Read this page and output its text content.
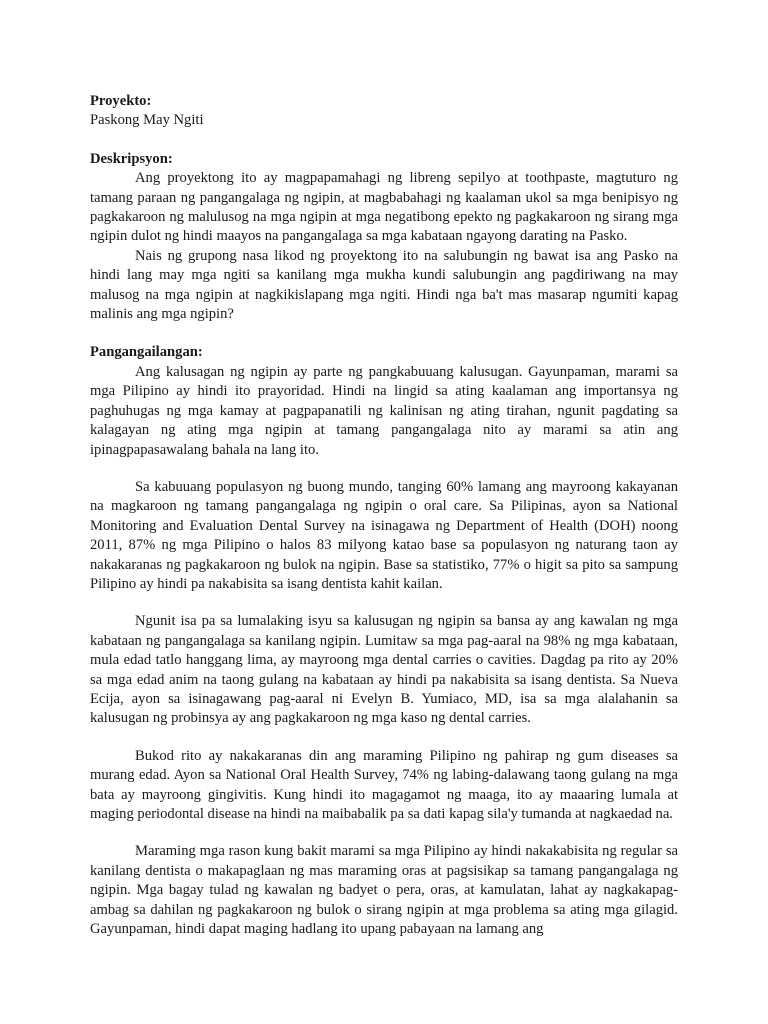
Proyekto:
Paskong May Ngiti
Deskripsyon:

Ang proyektong ito ay magpapamahagi ng libreng sepilyo at toothpaste, magtuturo ng tamang paraan ng pangangalaga ng ngipin, at magbabahagi ng kaalaman ukol sa mga benipisyo ng pagkakaroon ng malulusog na mga ngipin at mga negatibong epekto ng pagkakaroon ng sirang mga ngipin dulot ng hindi maayos na pangangalaga sa mga kabataan ngayong darating na Pasko.

Nais ng grupong nasa likod ng proyektong ito na salubungin ng bawat isa ang Pasko na hindi lang may mga ngiti sa kanilang mga mukha kundi salubungin ang pagdiriwang na may malusog na mga ngipin at nagkikislapang mga ngiti. Hindi nga ba't mas masarap ngumiti kapag malinis ang mga ngipin?

Pangangailangan:

Ang kalusagan ng ngipin ay parte ng pangkabuuang kalusugan. Gayunpaman, marami sa mga Pilipino ay hindi ito prayoridad. Hindi na lingid sa ating kaalaman ang importansya ng paghuhugas ng mga kamay at pagpapanatili ng kalinisan ng ating tirahan, ngunit pagdating sa kalagayan ng ating mga ngipin at tamang pangangalaga nito ay marami sa atin ang ipinagpapasawalang bahala na lang ito.

Sa kabuuang populasyon ng buong mundo, tanging 60% lamang ang mayroong kakayanan na magkaroon ng tamang pangangalaga ng ngipin o oral care. Sa Pilipinas, ayon sa National Monitoring and Evaluation Dental Survey na isinagawa ng Department of Health (DOH) noong 2011, 87% ng mga Pilipino o halos 83 milyong katao base sa populasyon ng naturang taon ay nakakaranas ng pagkakaroon ng bulok na ngipin. Base sa statistiko, 77% o higit sa pito sa sampung Pilipino ay hindi pa nakabisita sa isang dentista kahit kailan.

Ngunit isa pa sa lumalaking isyu sa kalusugan ng ngipin sa bansa ay ang kawalan ng mga kabataan ng pangangalaga sa kanilang ngipin. Lumitaw sa mga pag-aaral na 98% ng mga kabataan, mula edad tatlo hanggang lima, ay mayroong mga dental carries o cavities. Dagdag pa rito ay 20% sa mga edad anim na taong gulang na kabataan ay hindi pa nakabisita sa isang dentista. Sa Nueva Ecija, ayon sa isinagawang pag-aaral ni Evelyn B. Yumiaco, MD, isa sa mga alalahanin sa kalusugan ng probinsya ay ang pagkakaroon ng mga kaso ng dental carries.

Bukod rito ay nakakaranas din ang maraming Pilipino ng pahirap ng gum diseases sa murang edad. Ayon sa National Oral Health Survey, 74% ng labing-dalawang taong gulang na mga bata ay mayroong gingivitis. Kung hindi ito magagamot ng maaga, ito ay maaaring lumala at maging periodontal disease na hindi na maibabalik pa sa dati kapag sila'y tumanda at nagkaedad na.

Maraming mga rason kung bakit marami sa mga Pilipino ay hindi nakakabisita ng regular sa kanilang dentista o makapaglaan ng mas maraming oras at pagsisikap sa tamang pangangalaga ng ngipin. Mga bagay tulad ng kawalan ng badyet o pera, oras, at kamulatan, lahat ay nagkakapag-ambag sa dahilan ng pagkakaroon ng bulok o sirang ngipin at mga problema sa ating mga gilagid. Gayunpaman, hindi dapat maging hadlang ito upang pabayaan na lamang ang
